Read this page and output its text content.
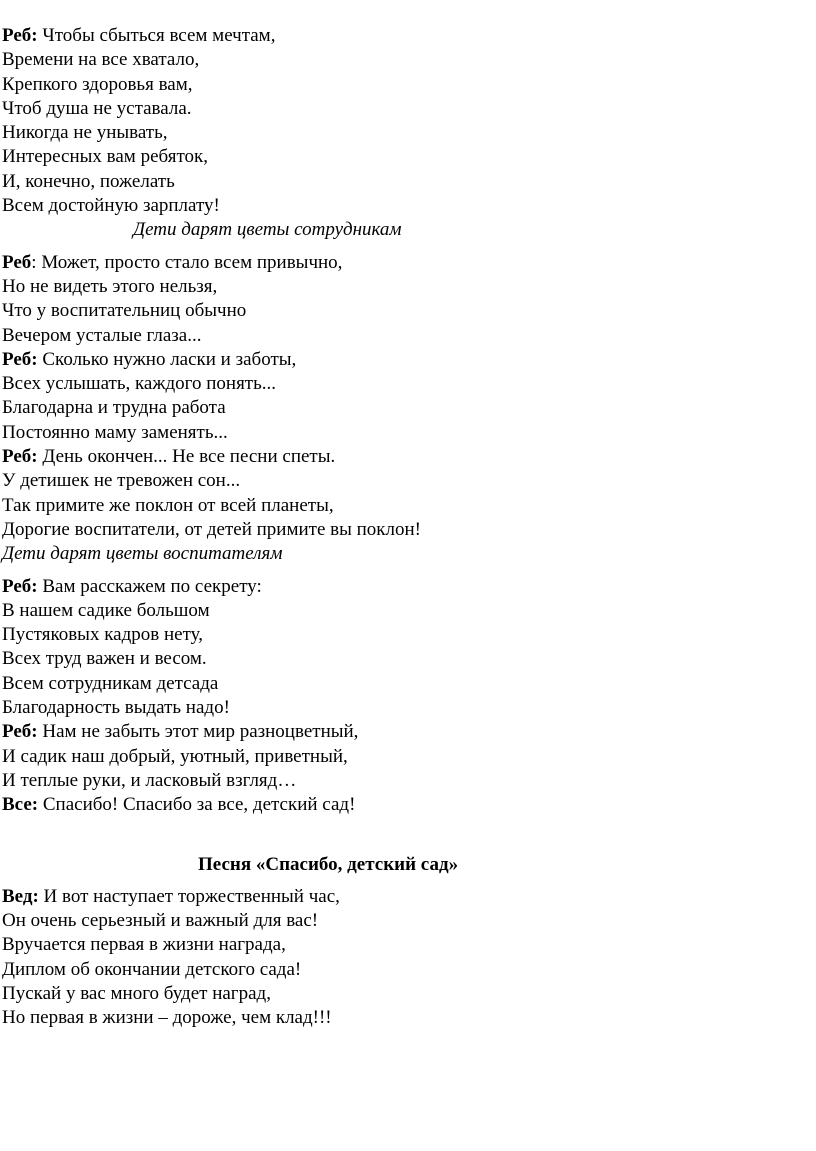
Реб: Чтобы сбыться всем мечтам,
Времени на все хватало,
Крепкого здоровья вам,
Чтоб душа не уставала.
Никогда не унывать,
Интересных вам ребяток,
И, конечно, пожелать
Всем достойную зарплату!
Дети дарят цветы сотрудникам
Реб: Может, просто стало всем привычно,
Но не видеть этого нельзя,
Что у воспитательниц обычно
Вечером усталые глаза...
Реб: Сколько нужно ласки и заботы,
Всех услышать, каждого понять...
Благодарна и трудна работа
Постоянно маму заменять...
Реб: День окончен... Не все песни спеты.
У детишек не тревожен сон...
Так примите же поклон от всей планеты,
Дорогие воспитатели, от детей примите вы поклон!
Дети дарят цветы воспитателям
Реб: Вам расскажем по секрету:
В нашем садике большом
Пустяковых кадров нету,
Всех труд важен и весом.
Всем сотрудникам детсада
Благодарность выдать надо!
Реб: Нам не забыть этот мир разноцветный,
И садик наш добрый, уютный, приветный,
И теплые руки, и ласковый взгляд…
Все: Спасибо! Спасибо за все, детский сад!
Песня «Спасибо, детский сад»
Вед: И вот наступает торжественный час,
Он очень серьезный и важный для вас!
Вручается первая в жизни награда,
Диплом об окончании детского сада!
Пускай у вас много будет наград,
Но первая в жизни – дороже, чем клад!!!
